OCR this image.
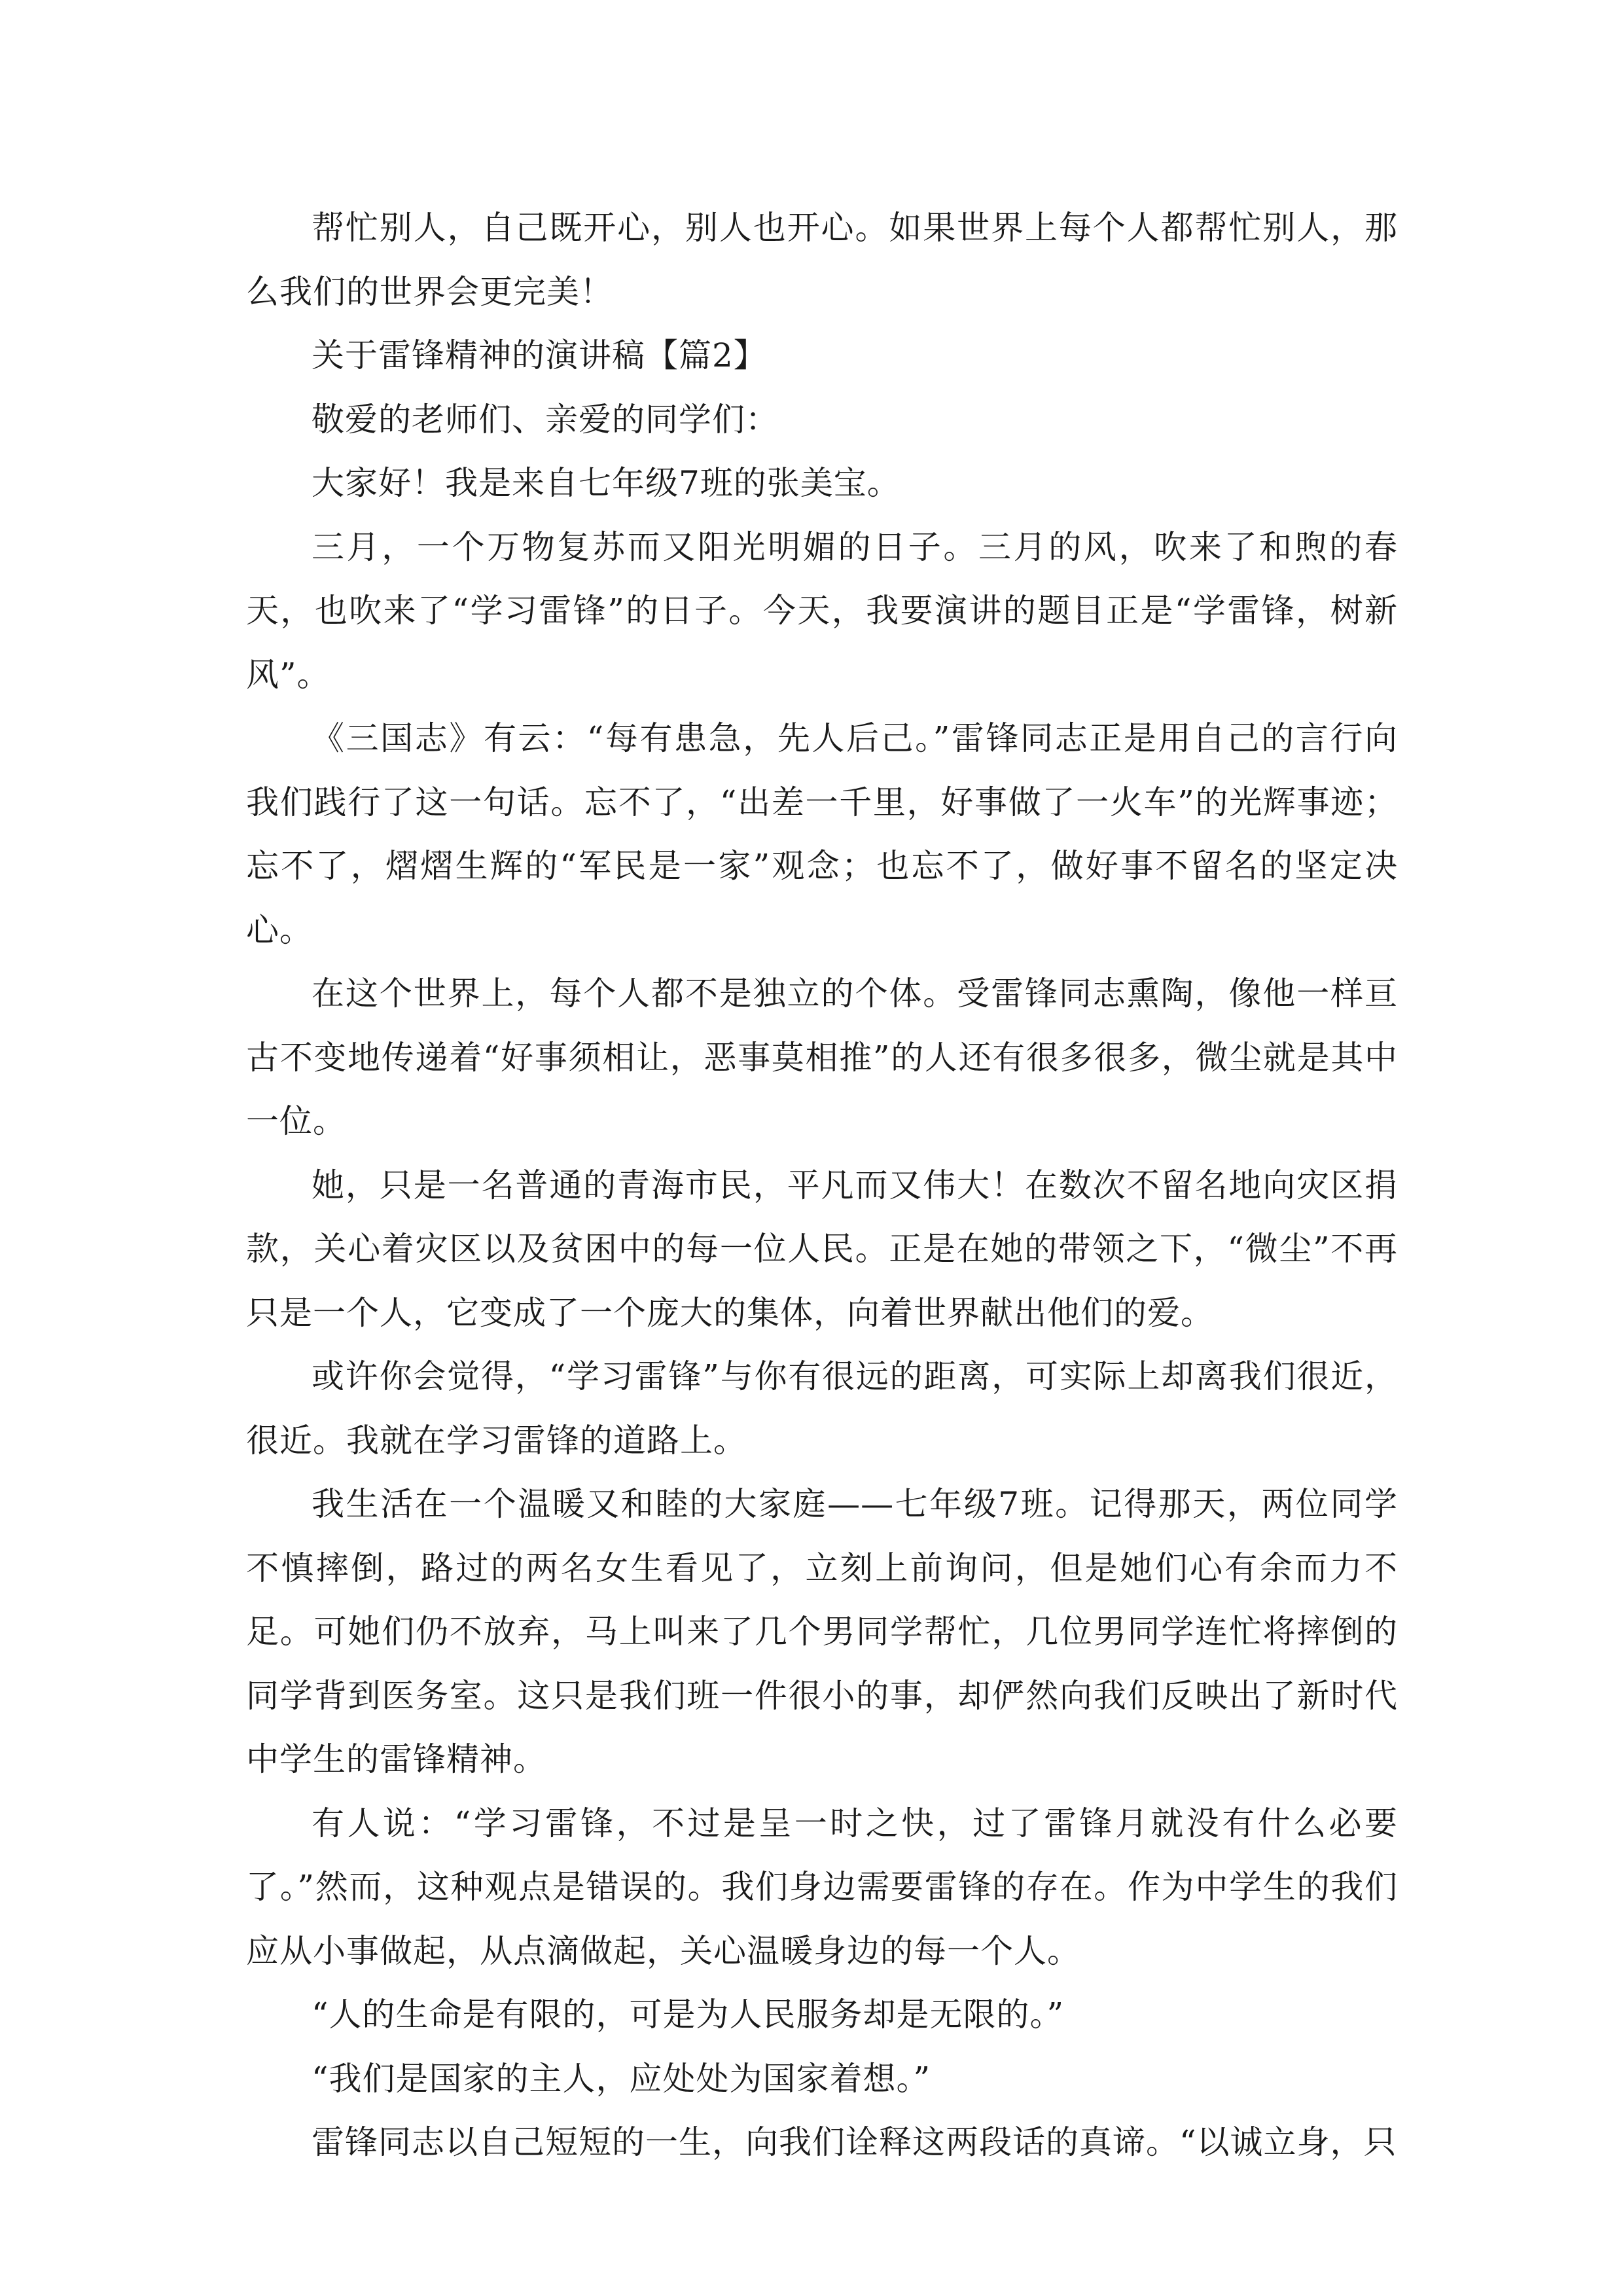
帮忙别人，自己既开心，别人也开心。如果世界上每个人都帮忙别人，那么我们的世界会更完美！

关于雷锋精神的演讲稿【篇2】

敬爱的老师们、亲爱的同学们：

大家好！我是来自七年级7班的张美宝。

三月，一个万物复苏而又阳光明媚的日子。三月的风，吹来了和煦的春天，也吹来了“学习雷锋”的日子。今天，我要演讲的题目正是“学雷锋，树新风”。

《三国志》有云：“每有患急，先人后己。”雷锋同志正是用自己的言行向我们践行了这一句话。忘不了，“出差一千里，好事做了一火车”的光辉事迹；忘不了，熠熠生辉的“军民是一家”观念；也忘不了，做好事不留名的坚定决心。

在这个世界上，每个人都不是独立的个体。受雷锋同志熏陶，像他一样亘古不变地传递着“好事须相让，恶事莫相推”的人还有很多很多，微尘就是其中一位。

她，只是一名普通的青海市民，平凡而又伟大！在数次不留名地向灾区捐款，关心着灾区以及贫困中的每一位人民。正是在她的带领之下，“微尘”不再只是一个人，它变成了一个庞大的集体，向着世界献出他们的爱。

或许你会觉得，“学习雷锋”与你有很远的距离，可实际上却离我们很近，很近。我就在学习雷锋的道路上。

我生活在一个温暖又和睦的大家庭——七年级7班。记得那天，两位同学不慎摔倒，路过的两名女生看见了，立刻上前询问，但是她们心有余而力不足。可她们仍不放弃，马上叫来了几个男同学帮忙，几位男同学连忙将摔倒的同学背到医务室。这只是我们班一件很小的事，却俨然向我们反映出了新时代中学生的雷锋精神。

有人说：“学习雷锋，不过是呈一时之快，过了雷锋月就没有什么必要了。”然而，这种观点是错误的。我们身边需要雷锋的存在。作为中学生的我们应从小事做起，从点滴做起，关心温暖身边的每一个人。

“人的生命是有限的，可是为人民服务却是无限的。”

“我们是国家的主人，应处处为国家着想。”

雷锋同志以自己短短的一生，向我们诠释这两段话的真谛。“以诚立身，只
